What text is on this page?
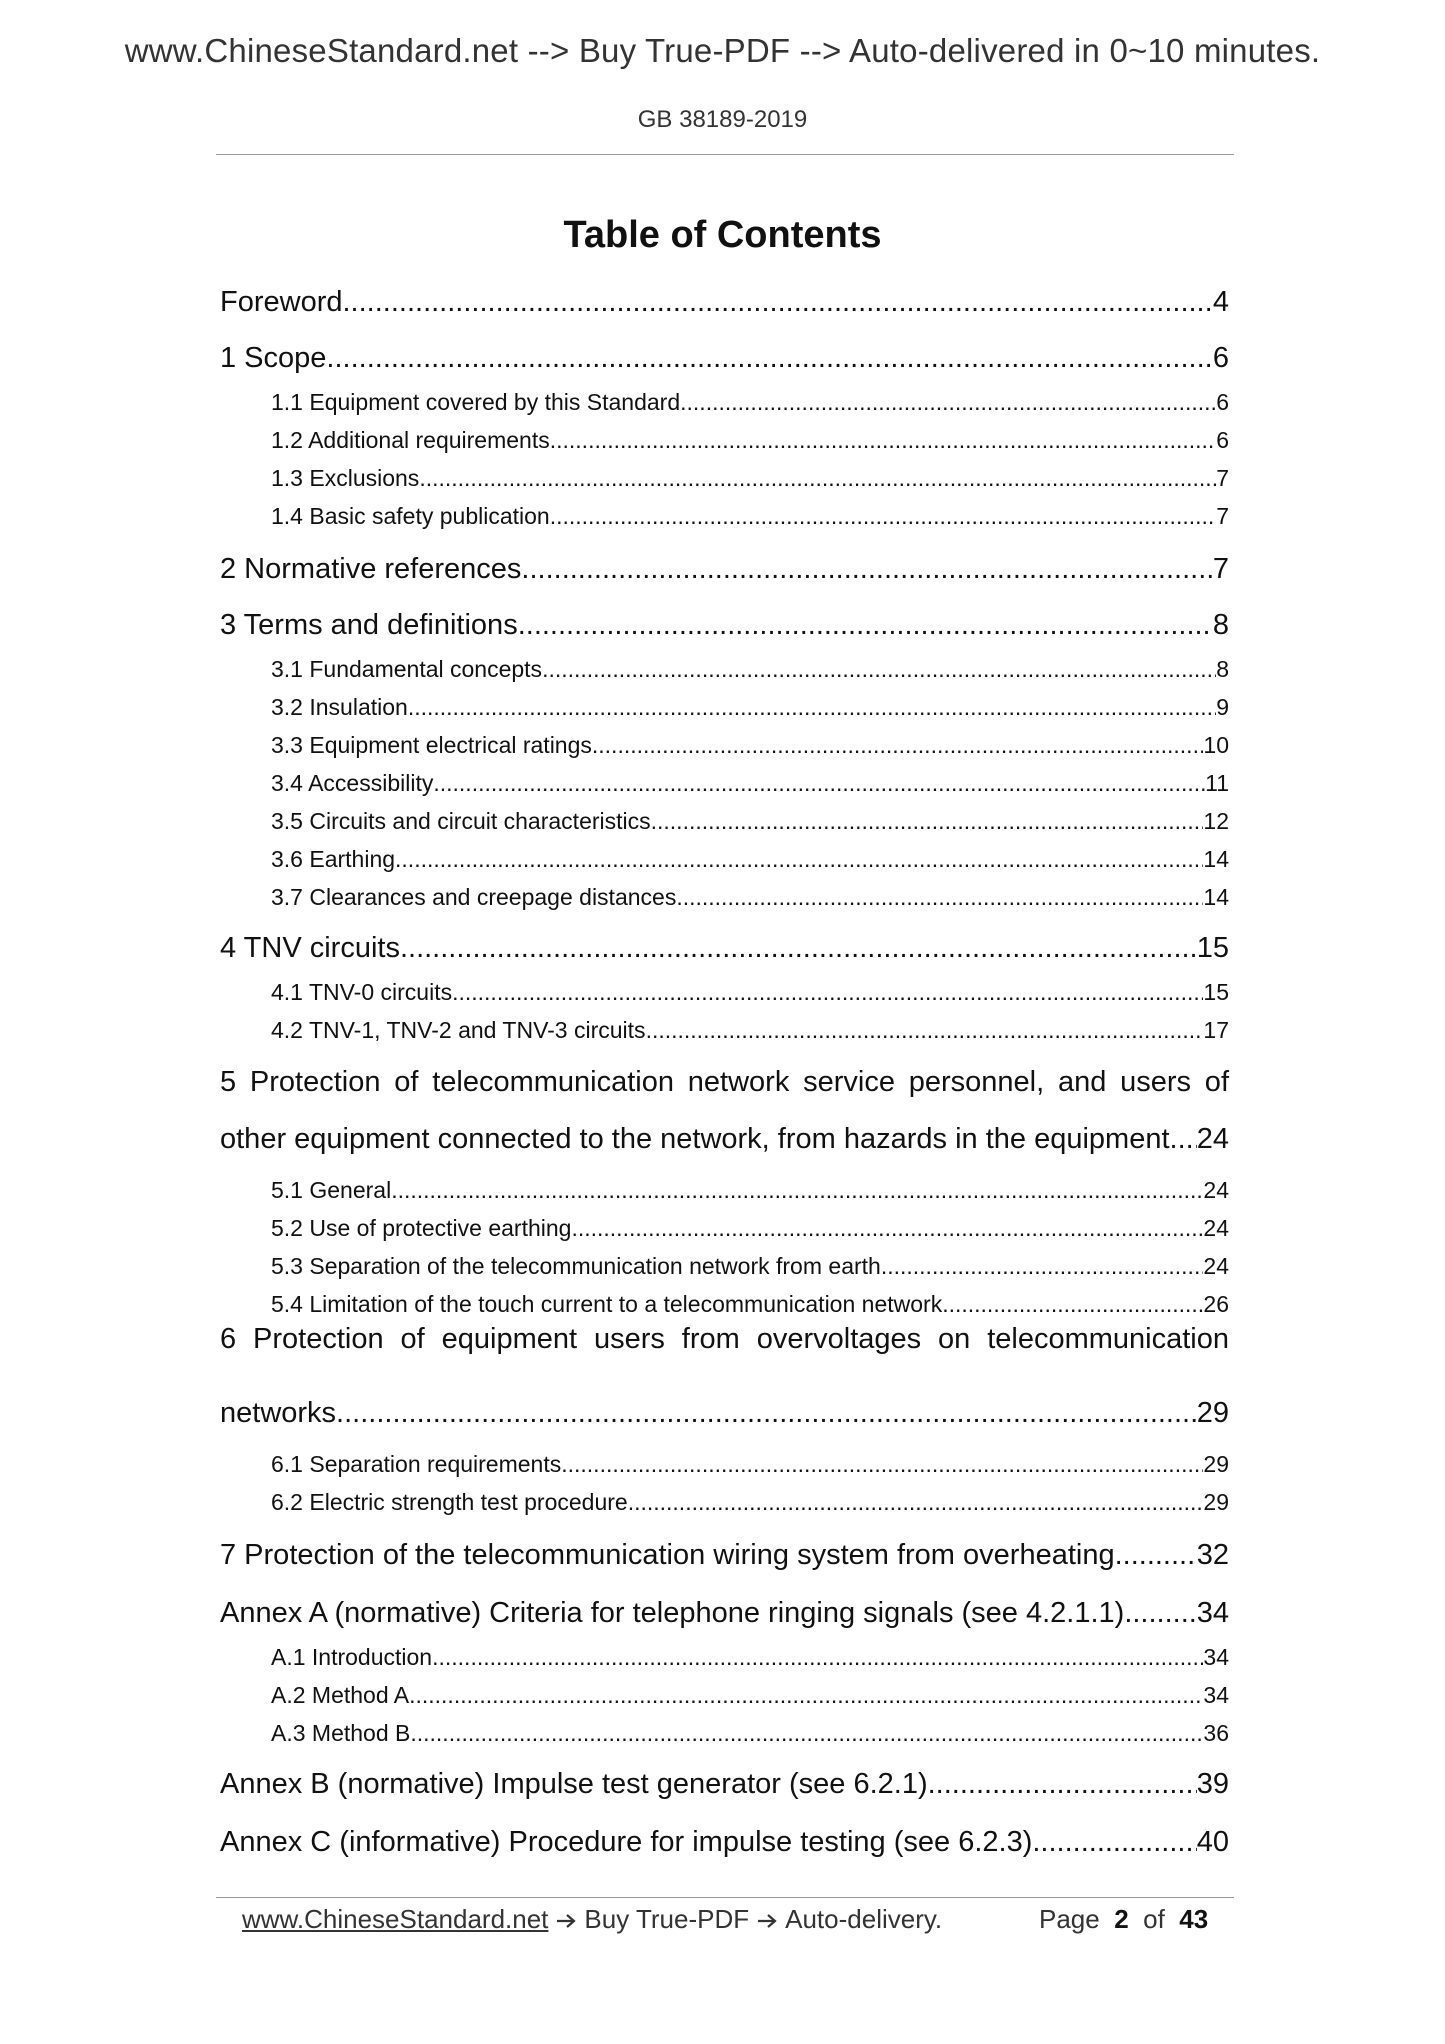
www.ChineseStandard.net --> Buy True-PDF --> Auto-delivered in 0~10 minutes.
GB 38189-2019
Table of Contents
Foreword .....	4
1 Scope .....	6
1.1 Equipment covered by this Standard .....	6
1.2 Additional requirements .....	6
1.3 Exclusions .....	7
1.4 Basic safety publication .....	7
2 Normative references .....	7
3 Terms and definitions .....	8
3.1 Fundamental concepts .....	8
3.2 Insulation .....	9
3.3 Equipment electrical ratings .....	10
3.4 Accessibility .....	11
3.5 Circuits and circuit characteristics .....	12
3.6 Earthing .....	14
3.7 Clearances and creepage distances .....	14
4 TNV circuits .....	15
4.1 TNV-0 circuits .....	15
4.2 TNV-1, TNV-2 and TNV-3 circuits .....	17
5 Protection of telecommunication network service personnel, and users of
other equipment connected to the network, from hazards in the equipment ..... 24
5.1 General .....	24
5.2 Use of protective earthing .....	24
5.3 Separation of the telecommunication network from earth .....	24
5.4 Limitation of the touch current to a telecommunication network .....	26
6 Protection of equipment users from overvoltages on telecommunication
networks .....	29
6.1 Separation requirements .....	29
6.2 Electric strength test procedure .....	29
7 Protection of the telecommunication wiring system from overheating .....	32
Annex A (normative) Criteria for telephone ringing signals (see 4.2.1.1) ..... 34
A.1 Introduction .....	34
A.2 Method A .....	34
A.3 Method B .....	36
Annex B (normative) Impulse test generator (see 6.2.1) .....	39
Annex C (informative) Procedure for impulse testing (see 6.2.3) .....	40
www.ChineseStandard.net Buy True-PDF Auto-delivery.	Page 2 of 43
